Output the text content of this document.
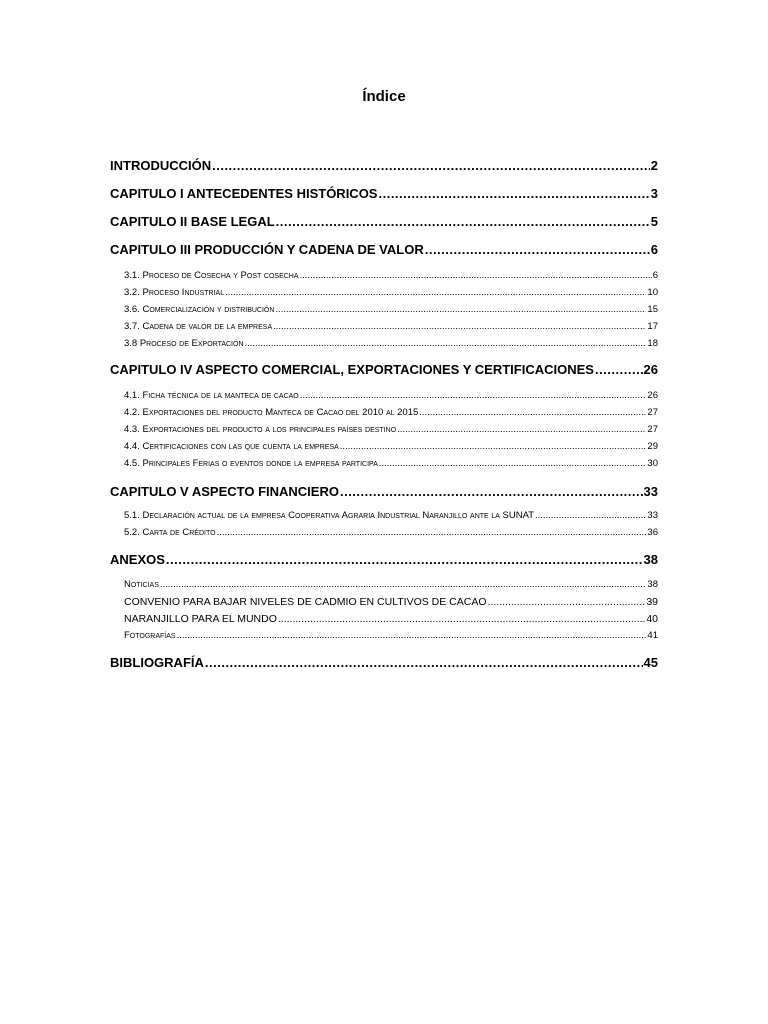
Índice
INTRODUCCIÓN .....	2
CAPITULO I ANTECEDENTES HISTÓRICOS .....	3
CAPITULO II BASE LEGAL .....	5
CAPITULO III PRODUCCIÓN Y CADENA DE VALOR .....	6
3.1. Proceso de Cosecha y Post cosecha .....	6
3.2. Proceso Industrial .....	10
3.6. Comercialización y distribución .....	15
3.7. Cadena de valor de la empresa .....	17
3.8 Proceso de Exportación .....	18
CAPITULO IV ASPECTO COMERCIAL, EXPORTACIONES Y CERTIFICACIONES .....	26
4.1. Ficha técnica de la manteca de cacao .....	26
4.2. Exportaciones del producto Manteca de Cacao del 2010 al 2015 .....	27
4.3. Exportaciones del producto a los principales países destino .....	27
4.4. Certificaciones con las que cuenta la empresa .....	29
4.5. Principales Ferias o eventos donde la empresa participa .....	30
CAPITULO V ASPECTO FINANCIERO .....	33
5.1. Declaración actual de la empresa Cooperativa Agraria Industrial Naranjillo ante la SUNAT .....	33
5.2. Carta de Crédito .....	36
ANEXOS .....	38
Noticias .....	38
CONVENIO PARA BAJAR NIVELES DE CADMIO EN CULTIVOS DE CACAO .....	39
NARANJILLO PARA EL MUNDO .....	40
Fotografías .....	41
BIBLIOGRAFÍA .....	45
